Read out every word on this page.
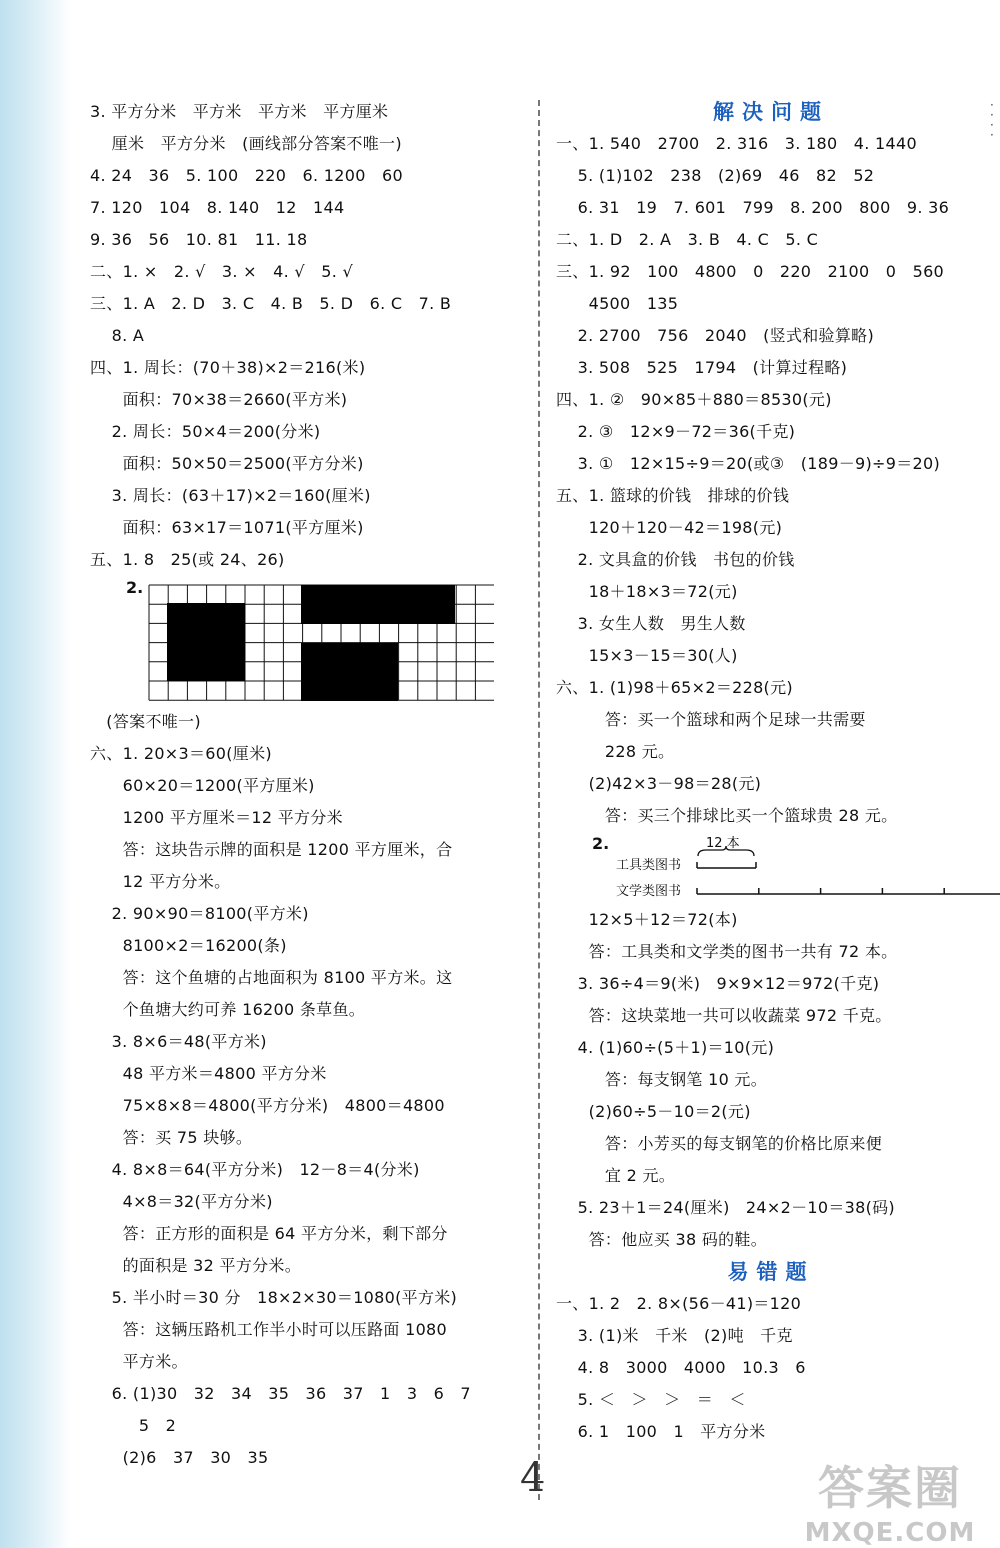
·
·
·
·
3. 平方分米　平方米　平方米　平方厘米
　 厘米　平方分米　(画线部分答案不唯一)
4. 24　36　5. 100　220　6. 1200　60
7. 120　104　8. 140　12　144
9. 36　56　10. 81　11. 18
二、1. ×　2. √　3. ×　4. √　5. √
三、1. A　2. D　3. C　4. B　5. D　6. C　7. B
　 8. A
四、1. 周长：(70＋38)×2＝216(米)
　　面积：70×38＝2660(平方米)
　 2. 周长：50×4＝200(分米)
　　面积：50×50＝2500(平方分米)
　 3. 周长：(63＋17)×2＝160(厘米)
　　面积：63×17＝1071(平方厘米)
五、1. 8　25(或 24、26)
2.
　(答案不唯一)
六、1. 20×3＝60(厘米)
　　60×20＝1200(平方厘米)
　　1200 平方厘米＝12 平方分米
　　答：这块告示牌的面积是 1200 平方厘米，合
　　12 平方分米。
　 2. 90×90＝8100(平方米)
　　8100×2＝16200(条)
　　答：这个鱼塘的占地面积为 8100 平方米。这
　　个鱼塘大约可养 16200 条草鱼。
　 3. 8×6＝48(平方米)
　　48 平方米＝4800 平方分米
　　75×8×8＝4800(平方分米)　4800＝4800
　　答：买 75 块够。
　 4. 8×8＝64(平方分米)　12－8＝4(分米)
　　4×8＝32(平方分米)
　　答：正方形的面积是 64 平方分米，剩下部分
　　的面积是 32 平方分米。
　 5. 半小时＝30 分　18×2×30＝1080(平方米)
　　答：这辆压路机工作半小时可以压路面 1080
　　平方米。
　 6. (1)30　32　34　35　36　37　1　3　6　7
　　　5　2
　　(2)6　37　30　35
解决问题
一、1. 540　2700　2. 316　3. 180　4. 1440
　 5. (1)102　238　(2)69　46　82　52
　 6. 31　19　7. 601　799　8. 200　800　9. 36
二、1. D　2. A　3. B　4. C　5. C
三、1. 92　100　4800　0　220　2100　0　560
　　4500　135
　 2. 2700　756　2040　(竖式和验算略)
　 3. 508　525　1794　(计算过程略)
四、1. ②　90×85＋880＝8530(元)
　 2. ③　12×9－72＝36(千克)
　 3. ①　12×15÷9＝20(或③　(189－9)÷9＝20)
五、1. 篮球的价钱　排球的价钱
　　120＋120－42＝198(元)
　 2. 文具盒的价钱　书包的价钱
　　18＋18×3＝72(元)
　 3. 女生人数　男生人数
　　15×3－15＝30(人)
六、1. (1)98＋65×2＝228(元)
　　　答：买一个篮球和两个足球一共需要
　　　228 元。
　　(2)42×3－98＝28(元)
　　　答：买三个排球比买一个篮球贵 28 元。
2.	12 本
工具类图书
文学类图书
　　12×5＋12＝72(本)
　　答：工具类和文学类的图书一共有 72 本。
　 3. 36÷4＝9(米)　9×9×12＝972(千克)
　　答：这块菜地一共可以收蔬菜 972 千克。
　 4. (1)60÷(5＋1)＝10(元)
　　　答：每支钢笔 10 元。
　　(2)60÷5－10＝2(元)
　　　答：小芳买的每支钢笔的价格比原来便
　　　宜 2 元。
　 5. 23＋1＝24(厘米)　24×2－10＝38(码)
　　答：他应买 38 码的鞋。
易错题
一、1. 2　2. 8×(56－41)＝120
　 3. (1)米　千米　(2)吨　千克
　 4. 8　3000　4000　10.3　6
　 5. ＜　＞　＞　＝　＜
　 6. 1　100　1　平方分米
4	答案圈
MXQE.COM
